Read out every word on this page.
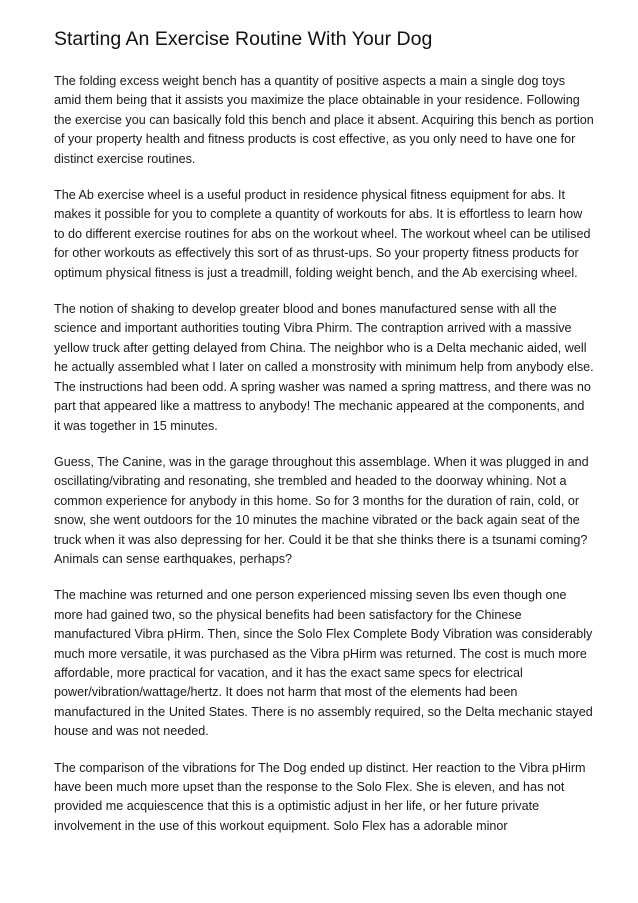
Starting An Exercise Routine With Your Dog

The folding excess weight bench has a quantity of positive aspects a main a single dog toys amid them being that it assists you maximize the place obtainable in your residence. Following the exercise you can basically fold this bench and place it absent. Acquiring this bench as portion of your property health and fitness products is cost effective, as you only need to have one for distinct exercise routines.

The Ab exercise wheel is a useful product in residence physical fitness equipment for abs. It makes it possible for you to complete a quantity of workouts for abs. It is effortless to learn how to do different exercise routines for abs on the workout wheel. The workout wheel can be utilised for other workouts as effectively this sort of as thrust-ups. So your property fitness products for optimum physical fitness is just a treadmill, folding weight bench, and the Ab exercising wheel.

The notion of shaking to develop greater blood and bones manufactured sense with all the science and important authorities touting Vibra Phirm. The contraption arrived with a massive yellow truck after getting delayed from China. The neighbor who is a Delta mechanic aided, well he actually assembled what I later on called a monstrosity with minimum help from anybody else. The instructions had been odd. A spring washer was named a spring mattress, and there was no part that appeared like a mattress to anybody! The mechanic appeared at the components, and it was together in 15 minutes.

Guess, The Canine, was in the garage throughout this assemblage. When it was plugged in and oscillating/vibrating and resonating, she trembled and headed to the doorway whining. Not a common experience for anybody in this home. So for 3 months for the duration of rain, cold, or snow, she went outdoors for the 10 minutes the machine vibrated or the back again seat of the truck when it was also depressing for her. Could it be that she thinks there is a tsunami coming? Animals can sense earthquakes, perhaps?

The machine was returned and one person experienced missing seven lbs even though one more had gained two, so the physical benefits had been satisfactory for the Chinese manufactured Vibra pHirm. Then, since the Solo Flex Complete Body Vibration was considerably much more versatile, it was purchased as the Vibra pHirm was returned. The cost is much more affordable, more practical for vacation, and it has the exact same specs for electrical power/vibration/wattage/hertz. It does not harm that most of the elements had been manufactured in the United States. There is no assembly required, so the Delta mechanic stayed house and was not needed.

The comparison of the vibrations for The Dog ended up distinct. Her reaction to the Vibra pHirm have been much more upset than the response to the Solo Flex. She is eleven, and has not provided me acquiescence that this is a optimistic adjust in her life, or her future private involvement in the use of this workout equipment. Solo Flex has a adorable minor
